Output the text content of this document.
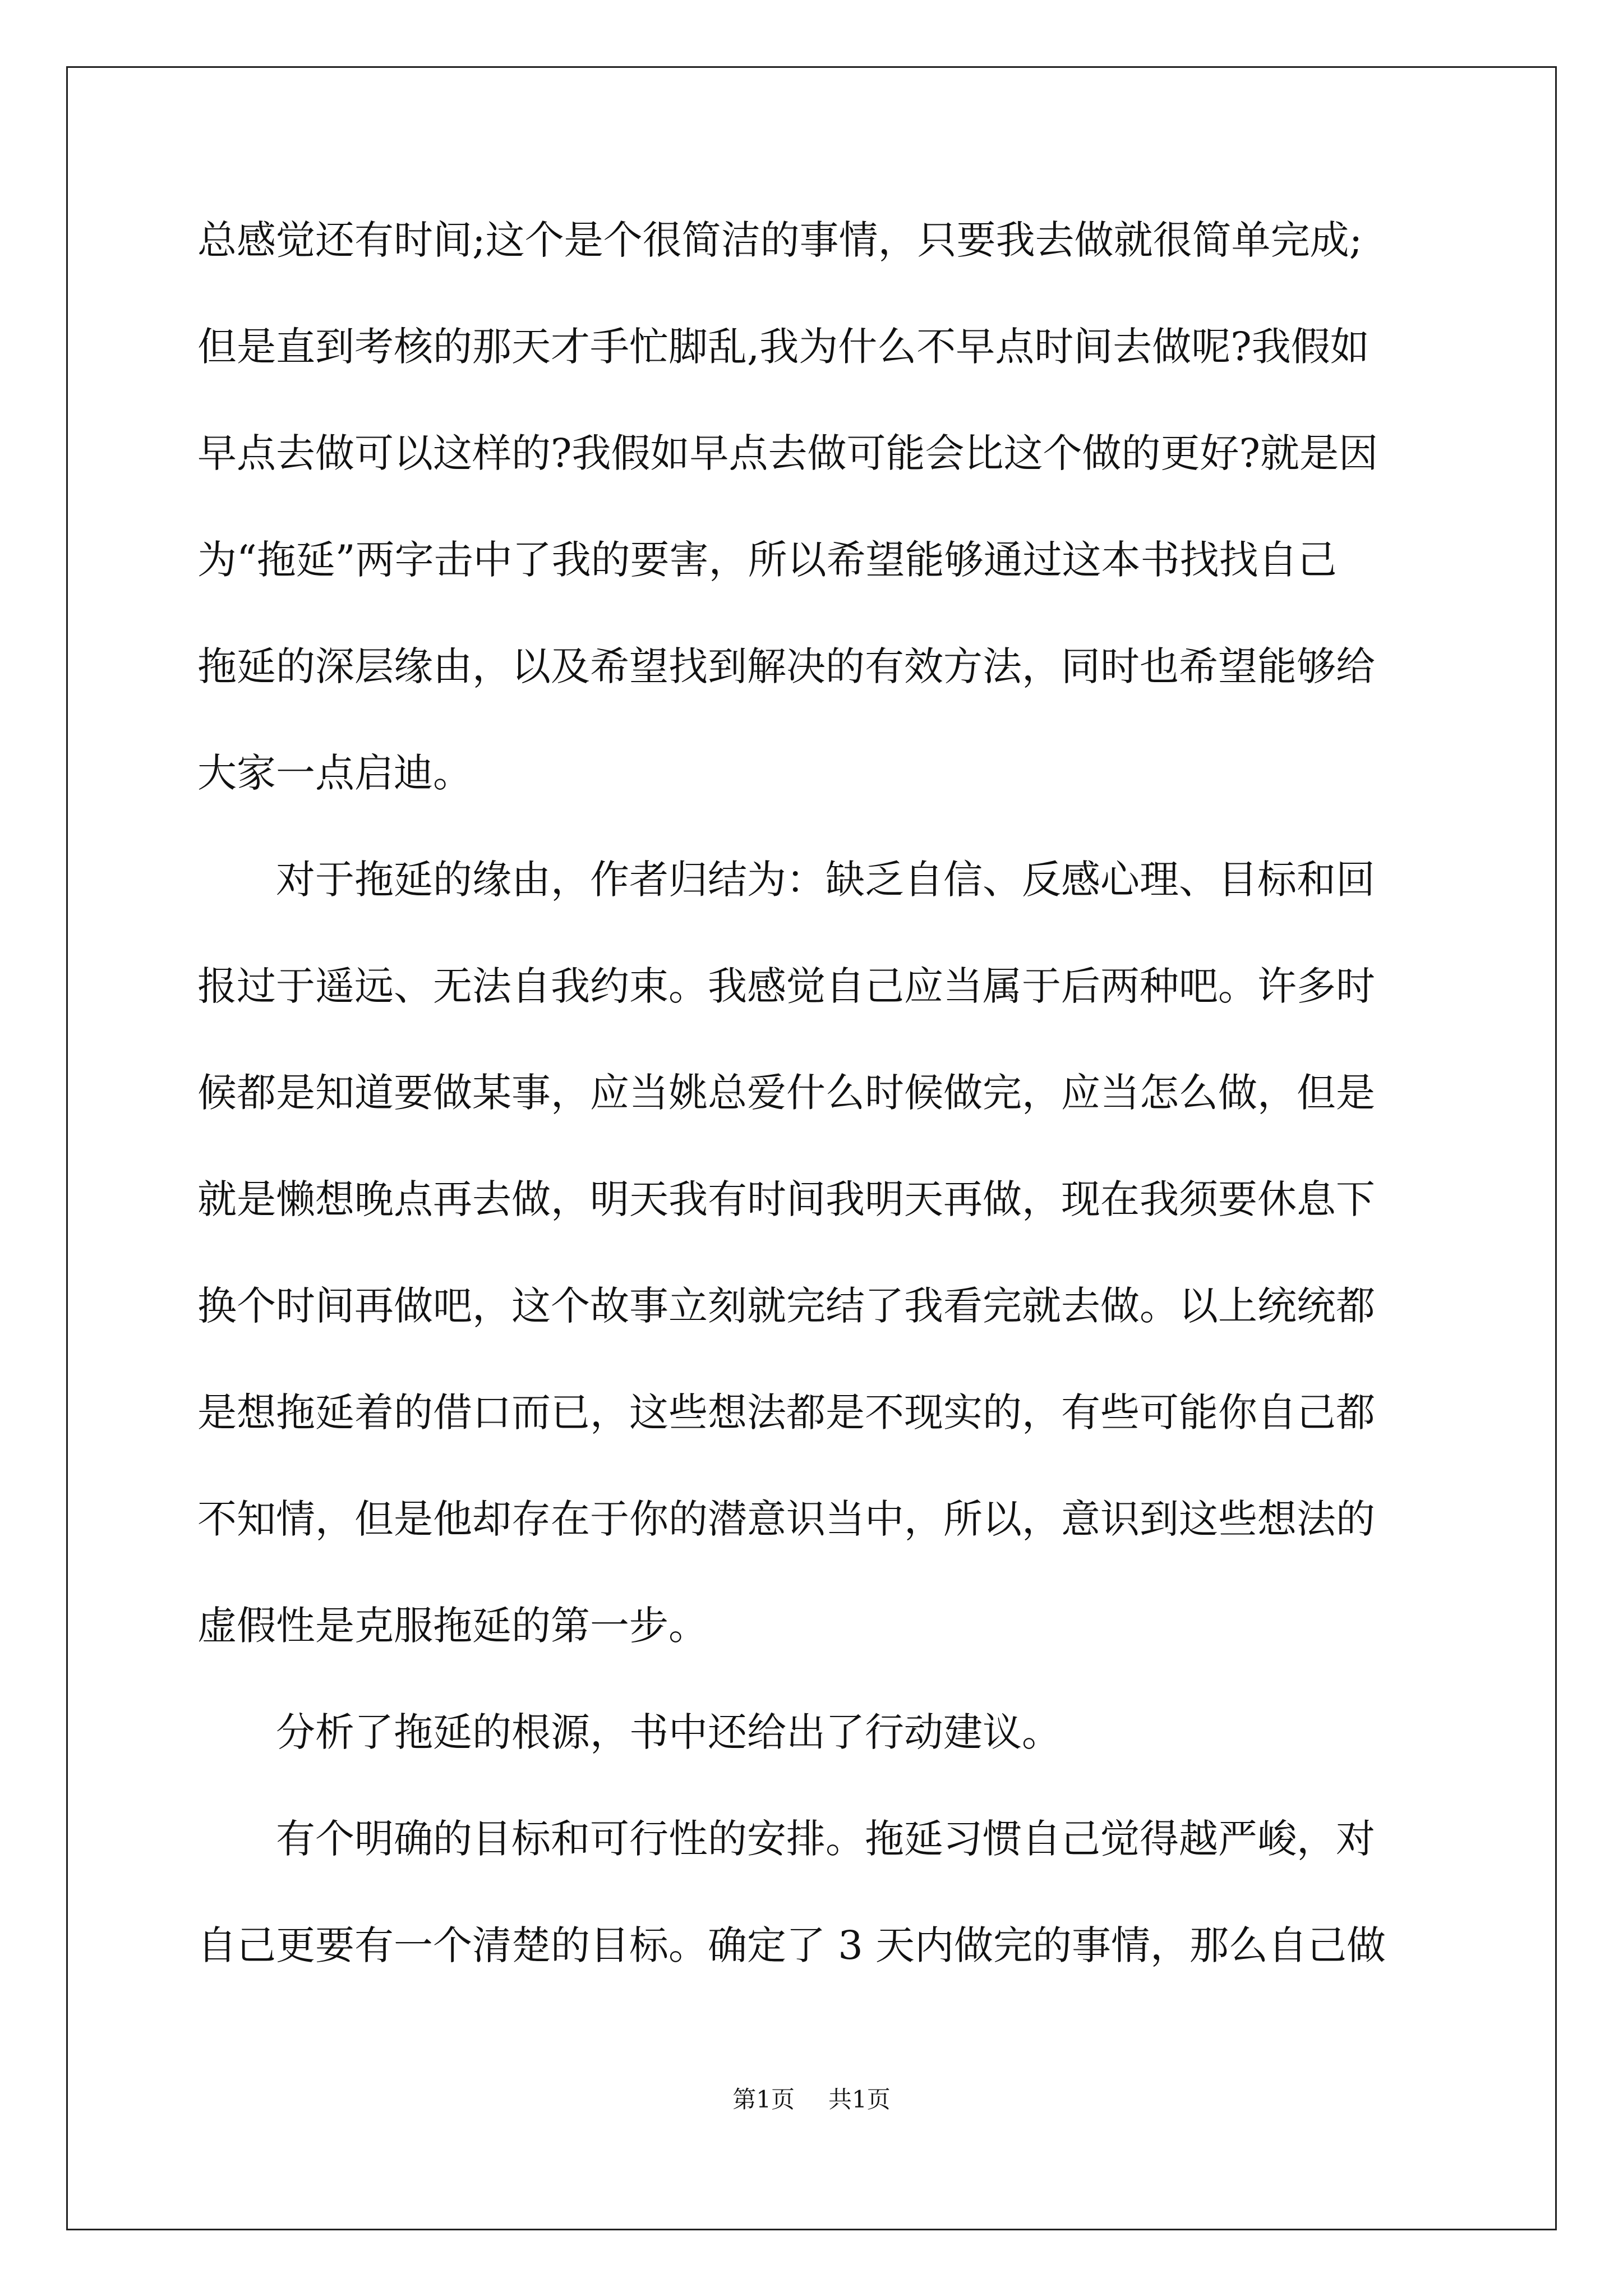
总感觉还有时间;这个是个很简洁的事情，只要我去做就很简单完成;
但是直到考核的那天才手忙脚乱,我为什么不早点时间去做呢?我假如
早点去做可以这样的?我假如早点去做可能会比这个做的更好?就是因
为“拖延”两字击中了我的要害，所以希望能够通过这本书找找自己
拖延的深层缘由，以及希望找到解决的有效方法，同时也希望能够给
大家一点启迪。
对于拖延的缘由，作者归结为：缺乏自信、反感心理、目标和回
报过于遥远、无法自我约束。我感觉自己应当属于后两种吧。许多时
候都是知道要做某事，应当姚总爱什么时候做完，应当怎么做，但是
就是懒想晚点再去做，明天我有时间我明天再做，现在我须要休息下
换个时间再做吧，这个故事立刻就完结了我看完就去做。以上统统都
是想拖延着的借口而已，这些想法都是不现实的，有些可能你自己都
不知情，但是他却存在于你的潜意识当中，所以，意识到这些想法的
虚假性是克服拖延的第一步。
分析了拖延的根源，书中还给出了行动建议。
有个明确的目标和可行性的安排。拖延习惯自己觉得越严峻，对
自己更要有一个清楚的目标。确定了 3 天内做完的事情，那么自己做
第1页 共1页
